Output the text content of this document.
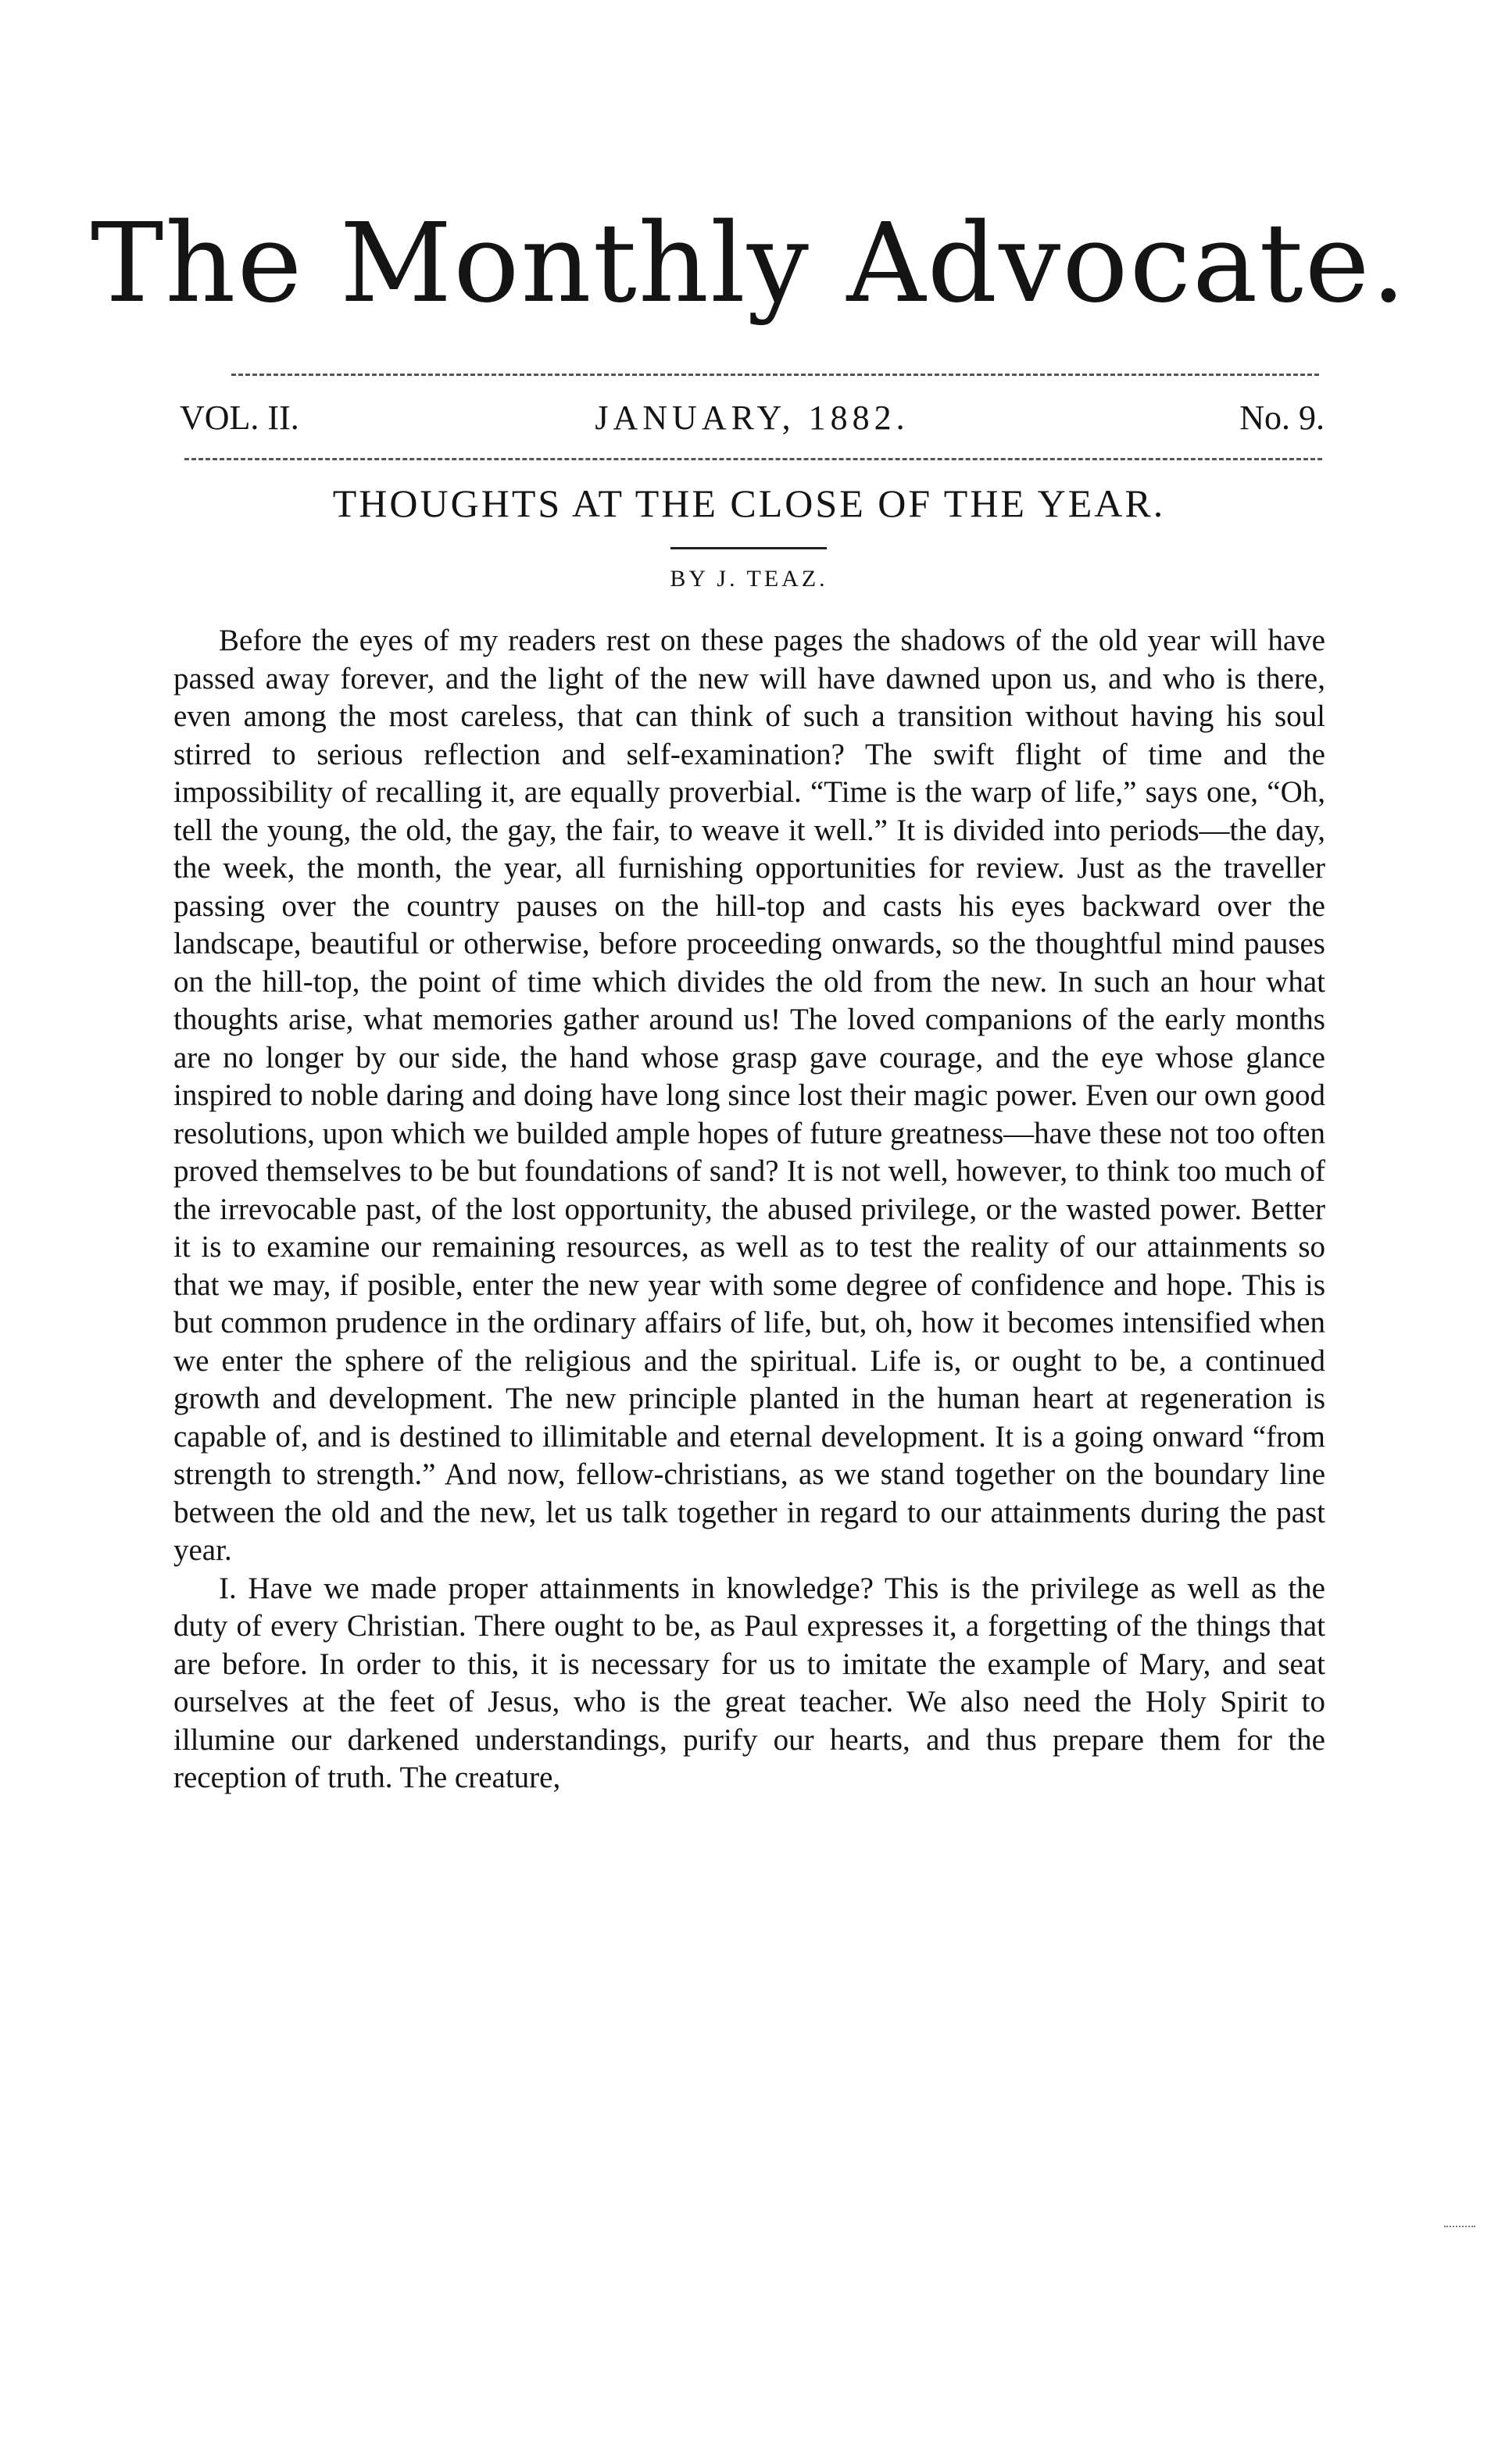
The Monthly Advocate.
VOL. II.	JANUARY, 1882.	No. 9.
THOUGHTS AT THE CLOSE OF THE YEAR.
BY J. TEAZ.

Before the eyes of my readers rest on these pages the shadows of the old year will have passed away forever, and the light of the new will have dawned upon us, and who is there, even among the most careless, that can think of such a transition without having his soul stirred to serious reflection and self-examination? The swift flight of time and the impossibility of recalling it, are equally proverbial. “Time is the warp of life,” says one, “Oh, tell the young, the old, the gay, the fair, to weave it well.” It is divided into periods—the day, the week, the month, the year, all furnishing opportunities for review. Just as the traveller passing over the country pauses on the hill-top and casts his eyes backward over the landscape, beautiful or otherwise, before proceeding onwards, so the thoughtful mind pauses on the hill-top, the point of time which divides the old from the new. In such an hour what thoughts arise, what memories gather around us! The loved companions of the early months are no longer by our side, the hand whose grasp gave courage, and the eye whose glance inspired to noble daring and doing have long since lost their magic power. Even our own good resolutions, upon which we builded ample hopes of future greatness—have these not too often proved themselves to be but foundations of sand? It is not well, however, to think too much of the irrevocable past, of the lost opportunity, the abused privilege, or the wasted power. Better it is to examine our remaining resources, as well as to test the reality of our attainments so that we may, if posible, enter the new year with some degree of confidence and hope. This is but common prudence in the ordinary affairs of life, but, oh, how it becomes intensified when we enter the sphere of the religious and the spiritual. Life is, or ought to be, a continued growth and development. The new principle planted in the human heart at regeneration is capable of, and is destined to illimitable and eternal development. It is a going onward “from strength to strength.” And now, fellow-christians, as we stand together on the boundary line between the old and the new, let us talk together in regard to our attainments during the past year.

I. Have we made proper attainments in knowledge? This is the privilege as well as the duty of every Christian. There ought to be, as Paul expresses it, a forgetting of the things that are before. In order to this, it is necessary for us to imitate the example of Mary, and seat ourselves at the feet of Jesus, who is the great teacher. We also need the Holy Spirit to illumine our darkened understandings, purify our hearts, and thus prepare them for the reception of truth. The creature,
